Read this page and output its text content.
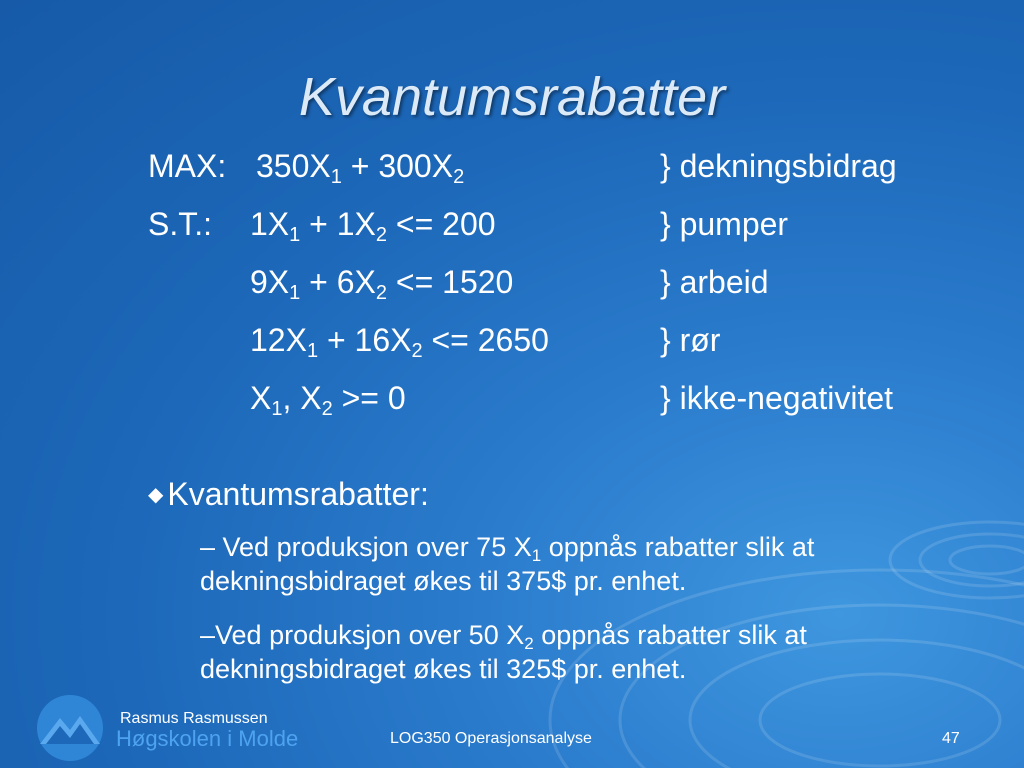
Kvantumsrabatter
MAX: $350X_1 + 300X_2$	} dekningsbidrag
S.T.: $1X_1 + 1X_2 <= 200$	} pumper
$9X_1 + 6X_2 <= 1520$	} arbeid
$12X_1 + 16X_2 <= 2650$	} rør
$X_1$, $X_2 >= 0$	} ikke-negativitet
◆ Kvantumsrabatter:
– Ved produksjon over 75 $X_1$ oppnås rabatter slik at dekningsbidraget økes til 375$ pr. enhet.
–Ved produksjon over 50 $X_2$ oppnås rabatter slik at dekningsbidraget økes til 325$ pr. enhet.
Rasmus Rasmussen
Høgskolen i Molde	LOG350 Operasjonsanalyse	47
